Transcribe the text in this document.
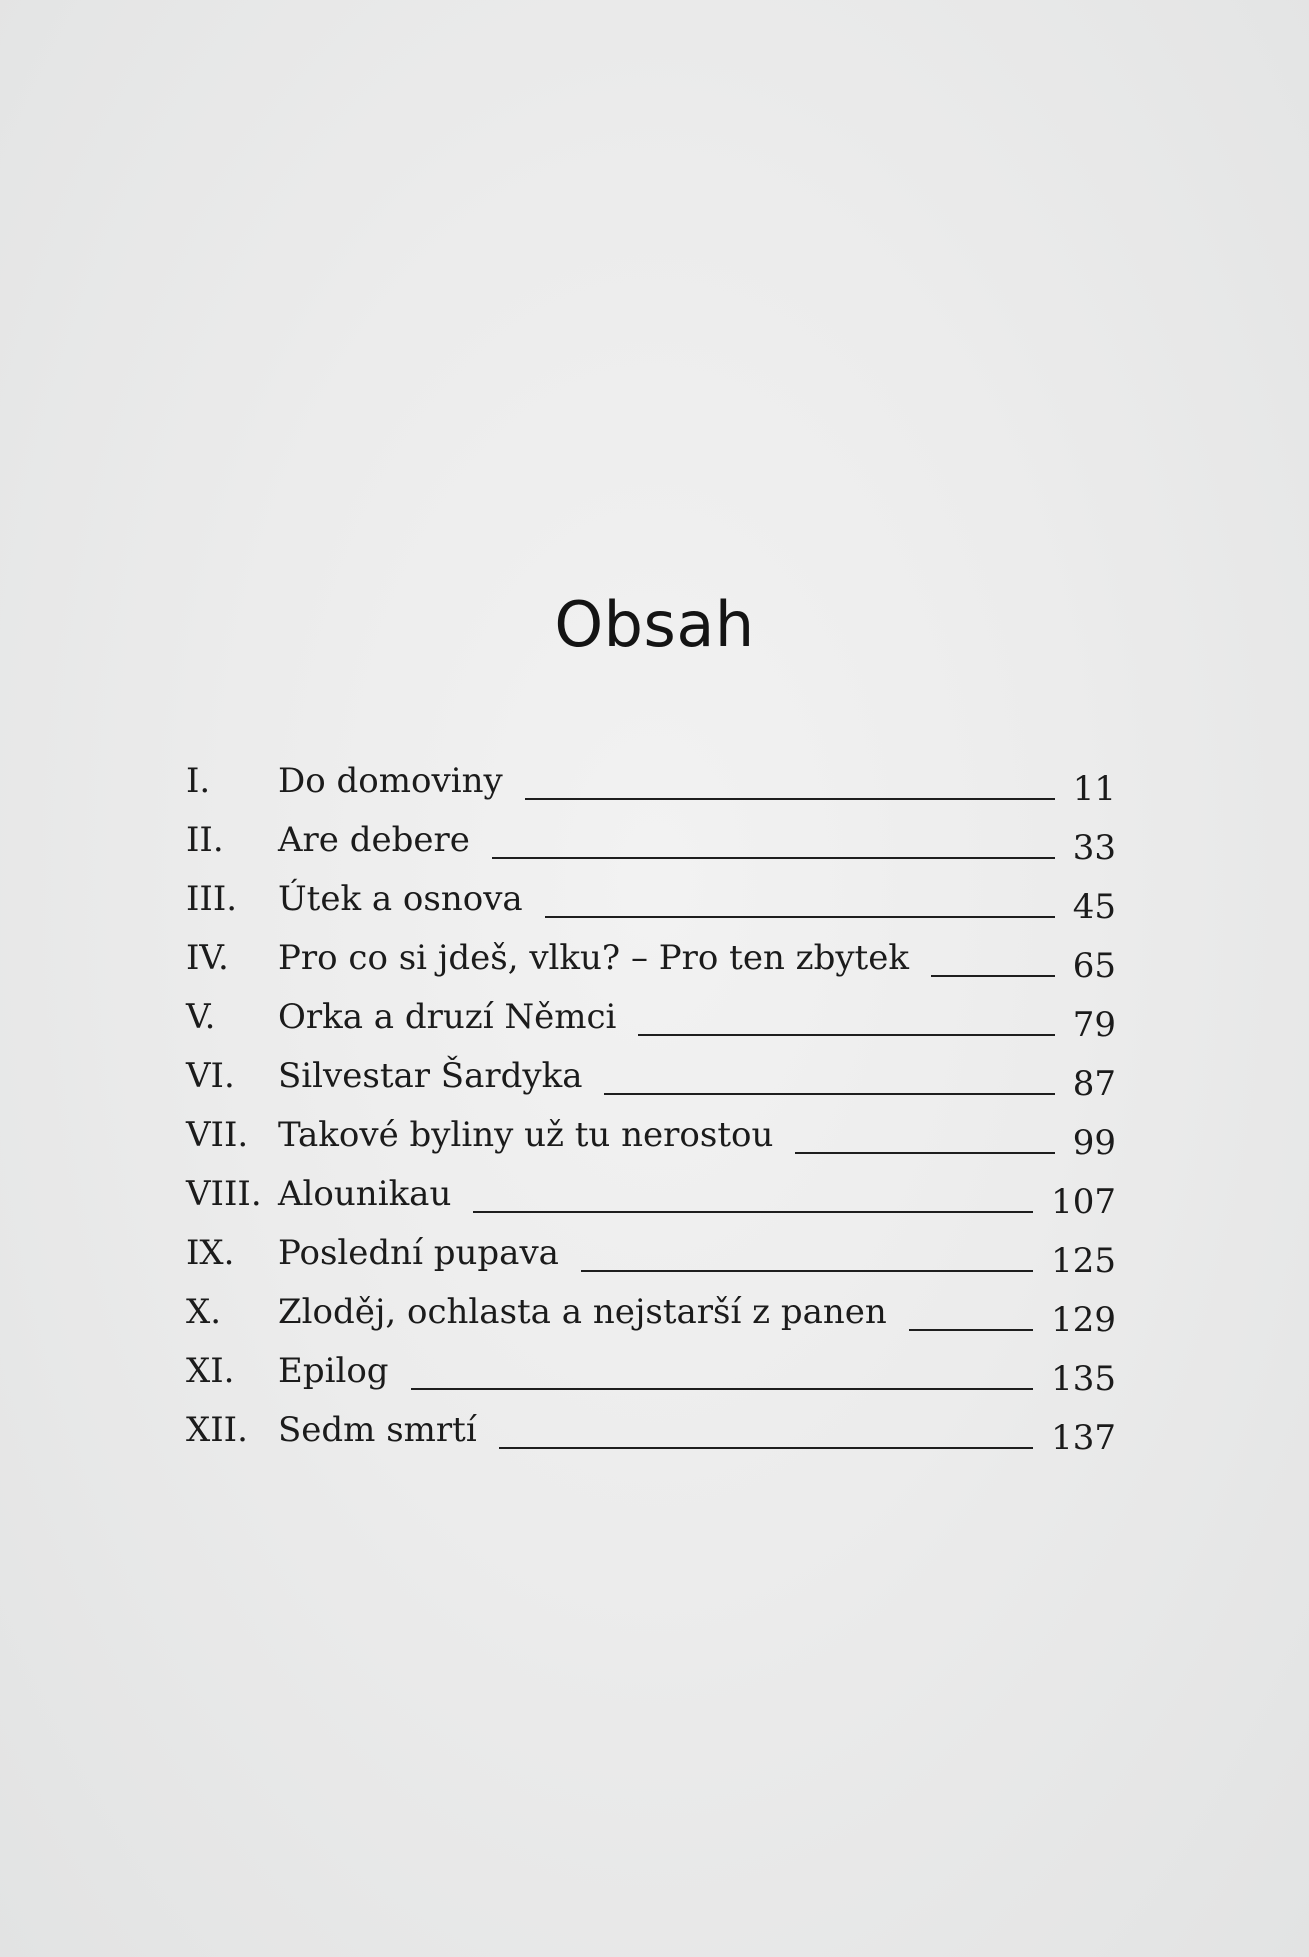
Obsah
I. Do domoviny	11
II. Are debere	33
III. Útek a osnova	45
IV. Pro co si jdeš, vlku? – Pro ten zbytek	65
V. Orka a druzí Němci	79
VI. Silvestar Šardyka	87
VII. Takové byliny už tu nerostou	99
VIII. Alounikau	107
IX. Poslední pupava	125
X. Zloděj, ochlasta a nejstarší z panen	129
XI. Epilog	135
XII. Sedm smrtí	137
